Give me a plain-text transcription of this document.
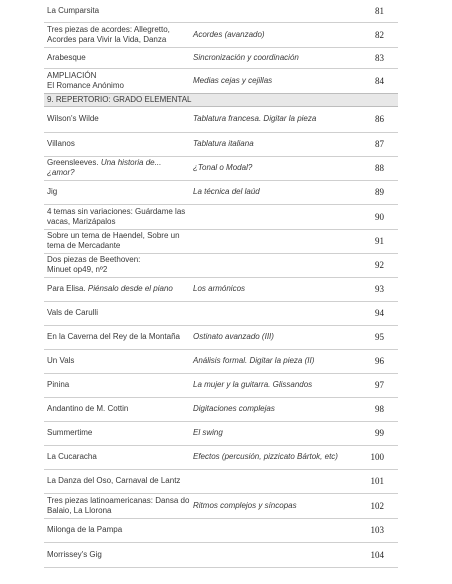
La Cumparsita		81
Tres piezas de acordes: Allegretto, Acordes para Vivir la Vida, Danza	Acordes (avanzado)	82
Arabesque	Sincronización y coordinación	83
AMPLIACIÓN
El Romance Anónimo	Medias cejas y cejillas	84
9. REPERTORIO: GRADO ELEMENTAL		
Wilson's Wilde	Tablatura francesa. Digitar la pieza	86
Villanos	Tablatura italiana	87
Greensleeves. Una historia de... ¿amor?	¿Tonal o Modal?	88
Jig	La técnica del laúd	89
4 temas sin variaciones: Guárdame las vacas, Marizápalos		90
Sobre un tema de Haendel, Sobre un tema de Mercadante		91
Dos piezas de Beethoven:
Minuet op49, nº2		92
Para Elisa. Piénsalo desde el piano	Los armónicos	93
Vals de Carulli		94
En la Caverna del Rey de la Montaña	Ostinato avanzado (III)	95
Un Vals	Análisis formal. Digitar la pieza (II)	96
Pinina	La mujer y la guitarra. Glissandos	97
Andantino de M. Cottin	Digitaciones complejas	98
Summertime	El swing	99
La Cucaracha	Efectos (percusión, pizzicato Bártok, etc)	100
La Danza del Oso, Carnaval de Lantz		101
Tres piezas latinoamericanas: Dansa do Balaio, La Llorona	Ritmos complejos y síncopas	102
Milonga de la Pampa		103
Morrissey's Gig		104
